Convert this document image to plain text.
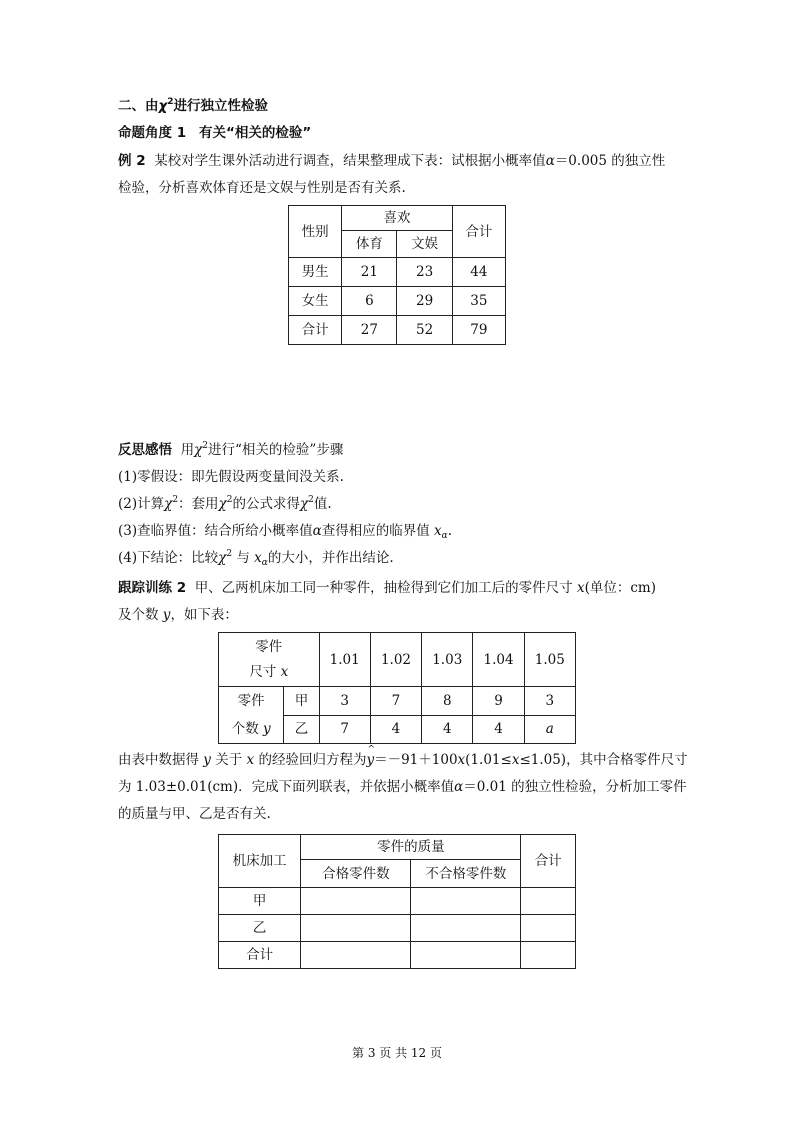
二、由$\chi^2$进行独立性检验
命题角度 1 有关“相关的检验”
例 2 某校对学生课外活动进行调查，结果整理成下表：试根据小概率值α＝0.005 的独立性
检验，分析喜欢体育还是文娱与性别是否有关系.
性别	喜欢		合计
	体育	文娱	
男生	21	23	44
女生	6	29	35
合计	27	52	79
反思感悟 用$\chi^2$进行“相关的检验”步骤
(1)零假设：即先假设两变量间没关系.
(2)计算$\chi^2$：套用$\chi^2$的公式求得$\chi^2$值.
(3)查临界值：结合所给小概率值α查得相应的临界值 $x_\alpha$.
(4)下结论：比较$\chi^2$ 与 $x_\alpha$的大小，并作出结论.
跟踪训练 2 甲、乙两机床加工同一种零件，抽检得到它们加工后的零件尺寸 x(单位：cm)
及个数 y，如下表：
零件
尺寸 x		1.01	1.02	1.03	1.04	1.05
零件
个数 y	甲	3	7	8	9	3
	乙	7	4	4	4	a
由表中数据得 y 关于 x 的经验回归方程为
^
y＝－91＋100x(1.01≤x≤1.05)，其中合格零件尺寸
为 1.03±0.01(cm)．完成下面列联表，并依据小概率值α＝0.01 的独立性检验，分析加工零件
的质量与甲、乙是否有关.
机床加工	零件的质量		合计
	合格零件数	不合格零件数	
甲			
乙			
合计			
第 3 页 共 12 页
